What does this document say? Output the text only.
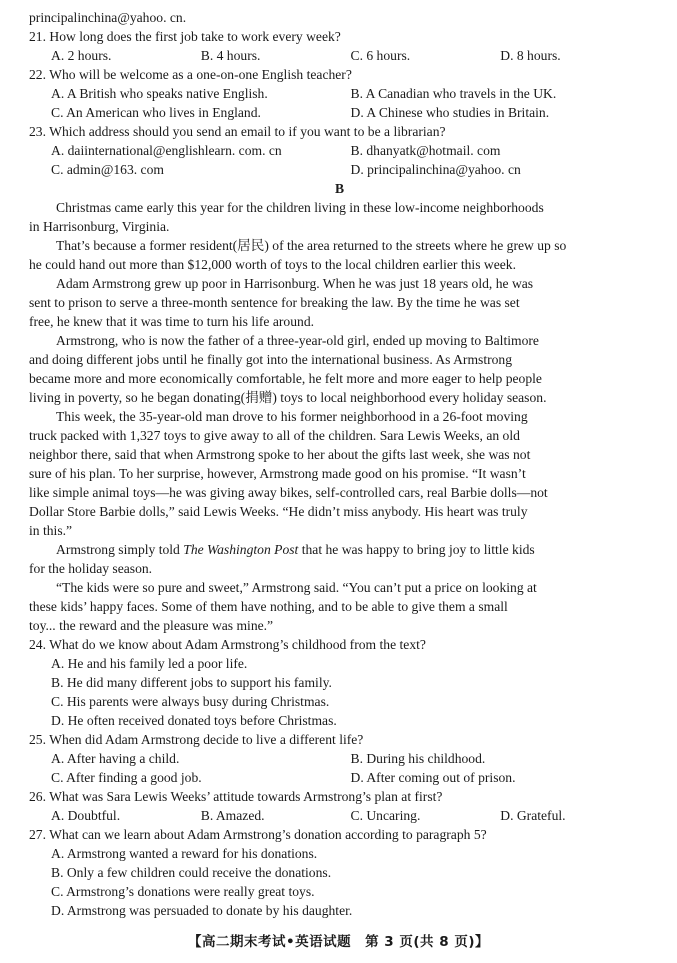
principalinchina@yahoo. cn.
21. How long does the first job take to work every week?
A. 2 hours.	B. 4 hours.	C. 6 hours.	D. 8 hours.
22. Who will be welcome as a one-on-one English teacher?
A. A British who speaks native English.	B. A Canadian who travels in the UK.
C. An American who lives in England.	D. A Chinese who studies in Britain.
23. Which address should you send an email to if you want to be a librarian?
A. daiinternational@englishlearn. com. cn	B. dhanyatk@hotmail. com
C. admin@163. com	D. principalinchina@yahoo. cn
B
Christmas came early this year for the children living in these low-income neighborhoods
in Harrisonburg, Virginia.
That’s because a former resident(居民) of the area returned to the streets where he grew up so
he could hand out more than $12,000 worth of toys to the local children earlier this week.
Adam Armstrong grew up poor in Harrisonburg. When he was just 18 years old, he was
sent to prison to serve a three-month sentence for breaking the law. By the time he was set
free, he knew that it was time to turn his life around.
Armstrong, who is now the father of a three-year-old girl, ended up moving to Baltimore
and doing different jobs until he finally got into the international business. As Armstrong
became more and more economically comfortable, he felt more and more eager to help people
living in poverty, so he began donating(捐赠) toys to local neighborhood every holiday season.
This week, the 35-year-old man drove to his former neighborhood in a 26-foot moving
truck packed with 1,327 toys to give away to all of the children. Sara Lewis Weeks, an old
neighbor there, said that when Armstrong spoke to her about the gifts last week, she was not
sure of his plan. To her surprise, however, Armstrong made good on his promise. “It wasn’t
like simple animal toys—he was giving away bikes, self-controlled cars, real Barbie dolls—not
Dollar Store Barbie dolls,” said Lewis Weeks. “He didn’t miss anybody. His heart was truly
in this.”
Armstrong simply told The Washington Post that he was happy to bring joy to little kids
for the holiday season.
“The kids were so pure and sweet,” Armstrong said. “You can’t put a price on looking at
these kids’ happy faces. Some of them have nothing, and to be able to give them a small
toy... the reward and the pleasure was mine.”
24. What do we know about Adam Armstrong’s childhood from the text?
A. He and his family led a poor life.
B. He did many different jobs to support his family.
C. His parents were always busy during Christmas.
D. He often received donated toys before Christmas.
25. When did Adam Armstrong decide to live a different life?
A. After having a child.	B. During his childhood.
C. After finding a good job.	D. After coming out of prison.
26. What was Sara Lewis Weeks’ attitude towards Armstrong’s plan at first?
A. Doubtful.	B. Amazed.	C. Uncaring.	D. Grateful.
27. What can we learn about Adam Armstrong’s donation according to paragraph 5?
A. Armstrong wanted a reward for his donations.
B. Only a few children could receive the donations.
C. Armstrong’s donations were really great toys.
D. Armstrong was persuaded to donate by his daughter.
【高二期末考试•英语试题　第 3 页(共 8 页)】
